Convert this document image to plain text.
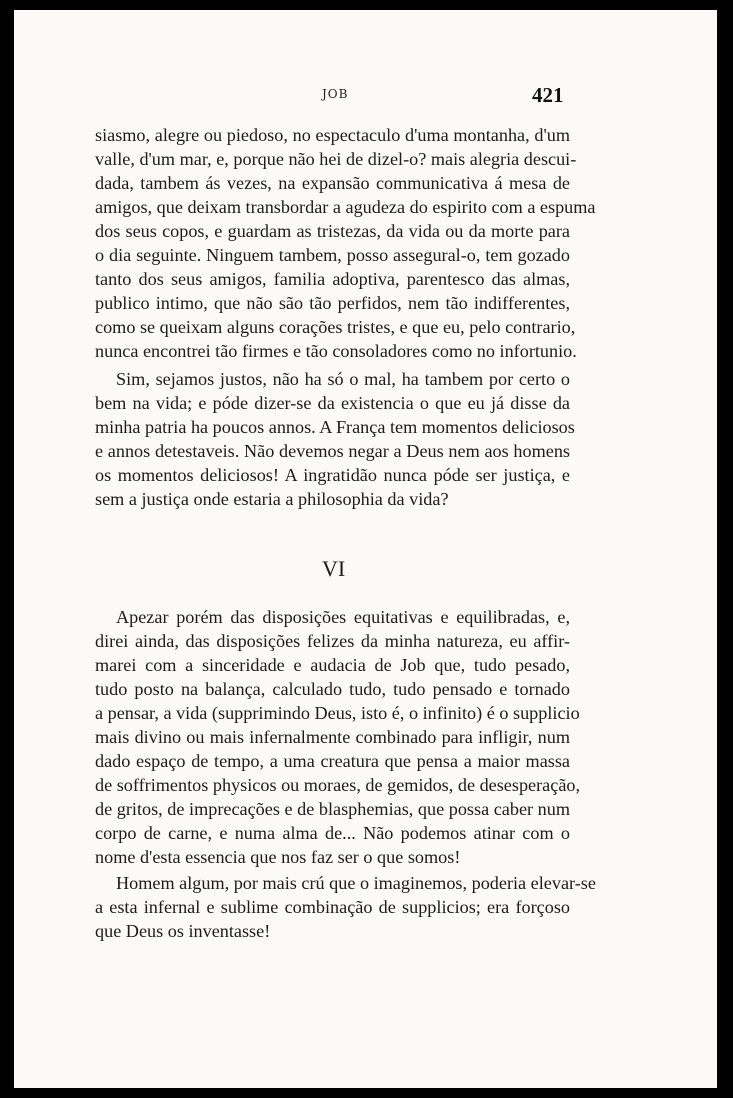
JOB	421
siasmo, alegre ou piedoso, no espectaculo d'uma montanha, d'um
valle, d'um mar, e, porque não hei de dizel-o? mais alegria descui-
dada, tambem ás vezes, na expansão communicativa á mesa de
amigos, que deixam transbordar a agudeza do espirito com a espuma
dos seus copos, e guardam as tristezas, da vida ou da morte para
o dia seguinte. Ninguem tambem, posso assegural-o, tem gozado
tanto dos seus amigos, familia adoptiva, parentesco das almas,
publico intimo, que não são tão perfidos, nem tão indifferentes,
como se queixam alguns corações tristes, e que eu, pelo contrario,
nunca encontrei tão firmes e tão consoladores como no infortunio.
Sim, sejamos justos, não ha só o mal, ha tambem por certo o
bem na vida; e póde dizer-se da existencia o que eu já disse da
minha patria ha poucos annos. A França tem momentos deliciosos
e annos detestaveis. Não devemos negar a Deus nem aos homens
os momentos deliciosos! A ingratidão nunca póde ser justiça, e
sem a justiça onde estaria a philosophia da vida?
VI
Apezar porém das disposições equitativas e equilibradas, e,
direi ainda, das disposições felizes da minha natureza, eu affir-
marei com a sinceridade e audacia de Job que, tudo pesado,
tudo posto na balança, calculado tudo, tudo pensado e tornado
a pensar, a vida (supprimindo Deus, isto é, o infinito) é o supplicio
mais divino ou mais infernalmente combinado para infligir, num
dado espaço de tempo, a uma creatura que pensa a maior massa
de soffrimentos physicos ou moraes, de gemidos, de desesperação,
de gritos, de imprecações e de blasphemias, que possa caber num
corpo de carne, e numa alma de... Não podemos atinar com o
nome d'esta essencia que nos faz ser o que somos!
Homem algum, por mais crú que o imaginemos, poderia elevar-se
a esta infernal e sublime combinação de supplicios; era forçoso
que Deus os inventasse!
